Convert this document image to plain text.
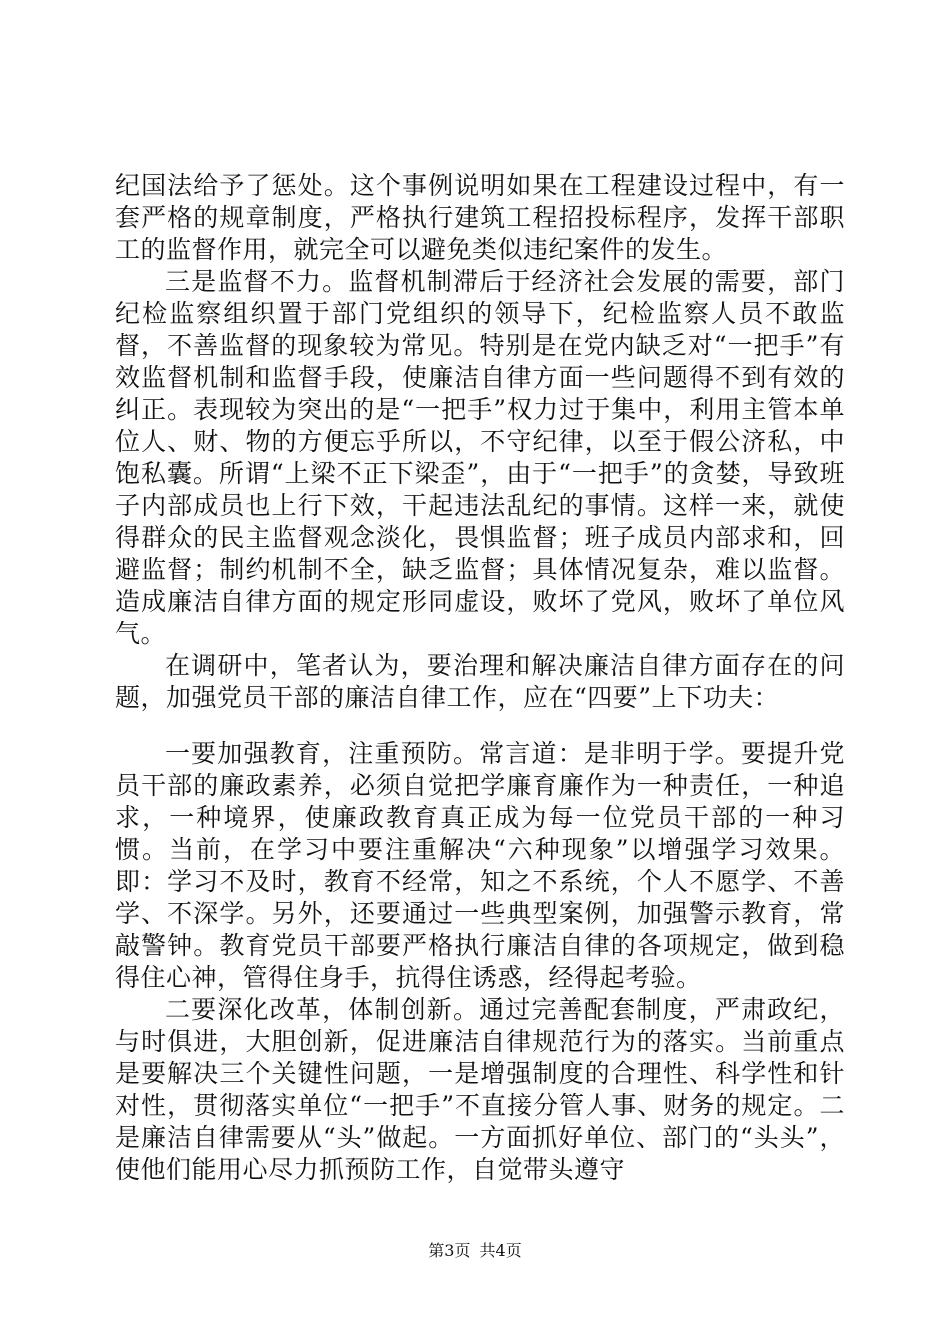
纪国法给予了惩处。这个事例说明如果在工程建设过程中，有一套严格的规章制度，严格执行建筑工程招投标程序，发挥干部职工的监督作用，就完全可以避免类似违纪案件的发生。

三是监督不力。监督机制滞后于经济社会发展的需要，部门纪检监察组织置于部门党组织的领导下，纪检监察人员不敢监督，不善监督的现象较为常见。特别是在党内缺乏对“一把手”有效监督机制和监督手段，使廉洁自律方面一些问题得不到有效的纠正。表现较为突出的是“一把手”权力过于集中，利用主管本单位人、财、物的方便忘乎所以，不守纪律，以至于假公济私，中饱私囊。所谓“上梁不正下梁歪”，由于“一把手”的贪婪，导致班子内部成员也上行下效，干起违法乱纪的事情。这样一来，就使得群众的民主监督观念淡化，畏惧监督；班子成员内部求和，回避监督；制约机制不全，缺乏监督；具体情况复杂，难以监督。造成廉洁自律方面的规定形同虚设，败坏了党风，败坏了单位风气。

在调研中，笔者认为，要治理和解决廉洁自律方面存在的问题，加强党员干部的廉洁自律工作，应在“四要”上下功夫：

一要加强教育，注重预防。常言道：是非明于学。要提升党员干部的廉政素养，必须自觉把学廉育廉作为一种责任，一种追求，一种境界，使廉政教育真正成为每一位党员干部的一种习惯。当前，在学习中要注重解决“六种现象”以增强学习效果。即：学习不及时，教育不经常，知之不系统，个人不愿学、不善学、不深学。另外，还要通过一些典型案例，加强警示教育，常敲警钟。教育党员干部要严格执行廉洁自律的各项规定，做到稳得住心神，管得住身手，抗得住诱惑，经得起考验。

二要深化改革，体制创新。通过完善配套制度，严肃政纪，与时俱进，大胆创新，促进廉洁自律规范行为的落实。当前重点是要解决三个关键性问题，一是增强制度的合理性、科学性和针对性，贯彻落实单位“一把手”不直接分管人事、财务的规定。二是廉洁自律需要从“头”做起。一方面抓好单位、部门的“头头”，使他们能用心尽力抓预防工作，自觉带头遵守

第3页 共4页
